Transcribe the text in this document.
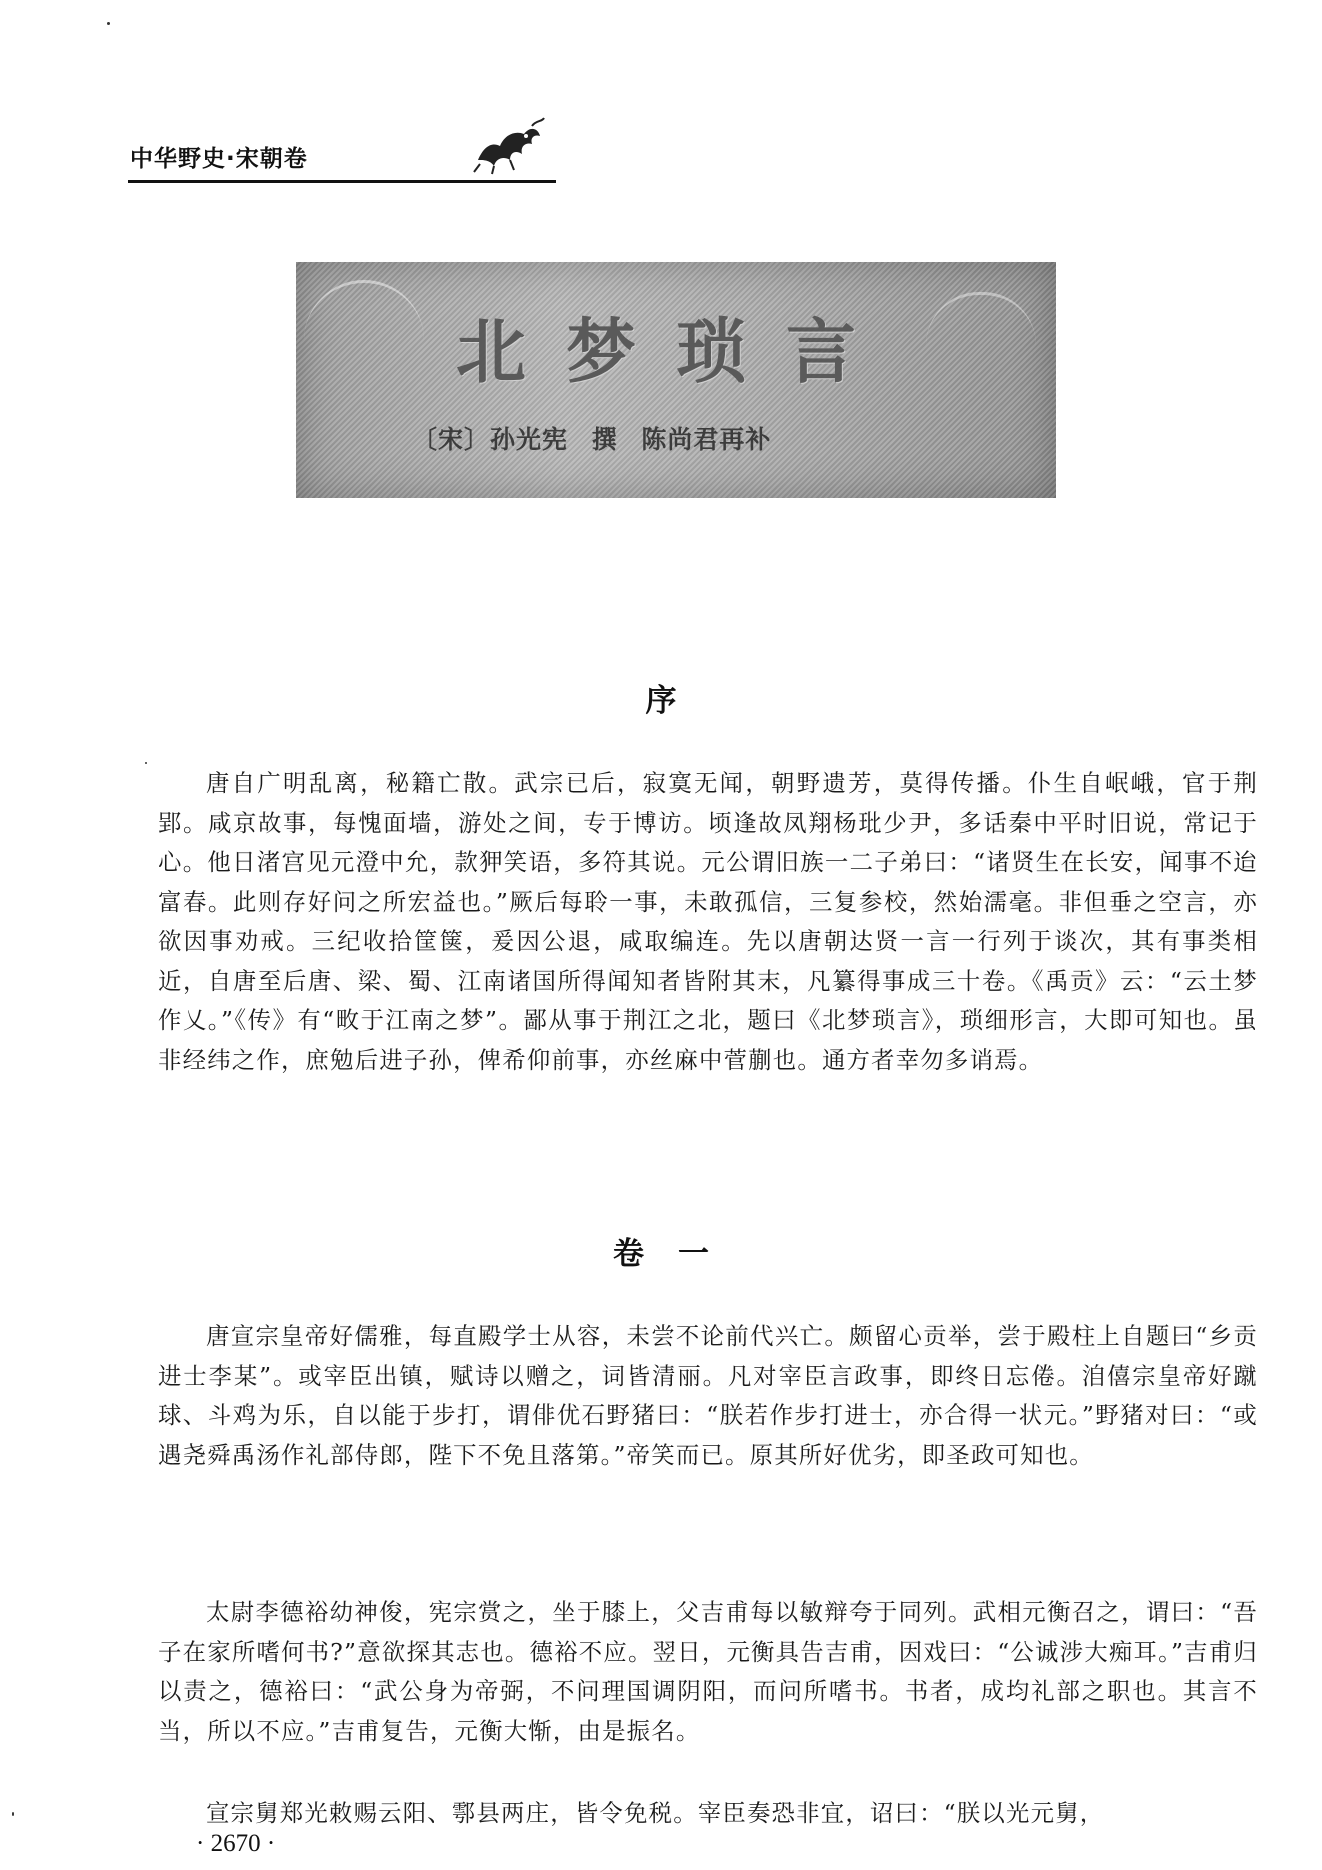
中华野史·宋朝卷
北梦琐言
〔宋〕孙光宪 撰 陈尚君再补
序

唐自广明乱离，秘籍亡散。武宗已后，寂寞无闻，朝野遗芳，莫得传播。仆生自岷峨，官于荆郢。咸京故事，每愧面墙，游处之间，专于博访。顷逢故凤翔杨玭少尹，多话秦中平时旧说，常记于心。他日渚宫见元澄中允，款狎笑语，多符其说。元公谓旧族一二子弟曰：“诸贤生在长安，闻事不迨富春。此则存好问之所宏益也。”厥后每聆一事，未敢孤信，三复参校，然始濡毫。非但垂之空言，亦欲因事劝戒。三纪收拾筐箧，爰因公退，咸取编连。先以唐朝达贤一言一行列于谈次，其有事类相近，自唐至后唐、梁、蜀、江南诸国所得闻知者皆附其末，凡纂得事成三十卷。《禹贡》云：“云土梦作乂。”《传》有“畋于江南之梦”。鄙从事于荆江之北，题曰《北梦琐言》，琐细形言，大即可知也。虽非经纬之作，庶勉后进子孙，俾希仰前事，亦丝麻中菅蒯也。通方者幸勿多诮焉。

卷一

唐宣宗皇帝好儒雅，每直殿学士从容，未尝不论前代兴亡。颇留心贡举，尝于殿柱上自题曰“乡贡进士李某”。或宰臣出镇，赋诗以赠之，词皆清丽。凡对宰臣言政事，即终日忘倦。洎僖宗皇帝好蹴球、斗鸡为乐，自以能于步打，谓俳优石野猪曰：“朕若作步打进士，亦合得一状元。”野猪对曰：“或遇尧舜禹汤作礼部侍郎，陛下不免且落第。”帝笑而已。原其所好优劣，即圣政可知也。

太尉李德裕幼神俊，宪宗赏之，坐于膝上，父吉甫每以敏辩夸于同列。武相元衡召之，谓曰：“吾子在家所嗜何书?”意欲探其志也。德裕不应。翌日，元衡具告吉甫，因戏曰：“公诚涉大痴耳。”吉甫归以责之，德裕曰：“武公身为帝弼，不问理国调阴阳，而问所嗜书。书者，成均礼部之职也。其言不当，所以不应。”吉甫复告，元衡大惭，由是振名。

宣宗舅郑光敕赐云阳、鄠县两庄，皆令免税。宰臣奏恐非宜，诏曰：“朕以光元舅，

· 2670 ·
